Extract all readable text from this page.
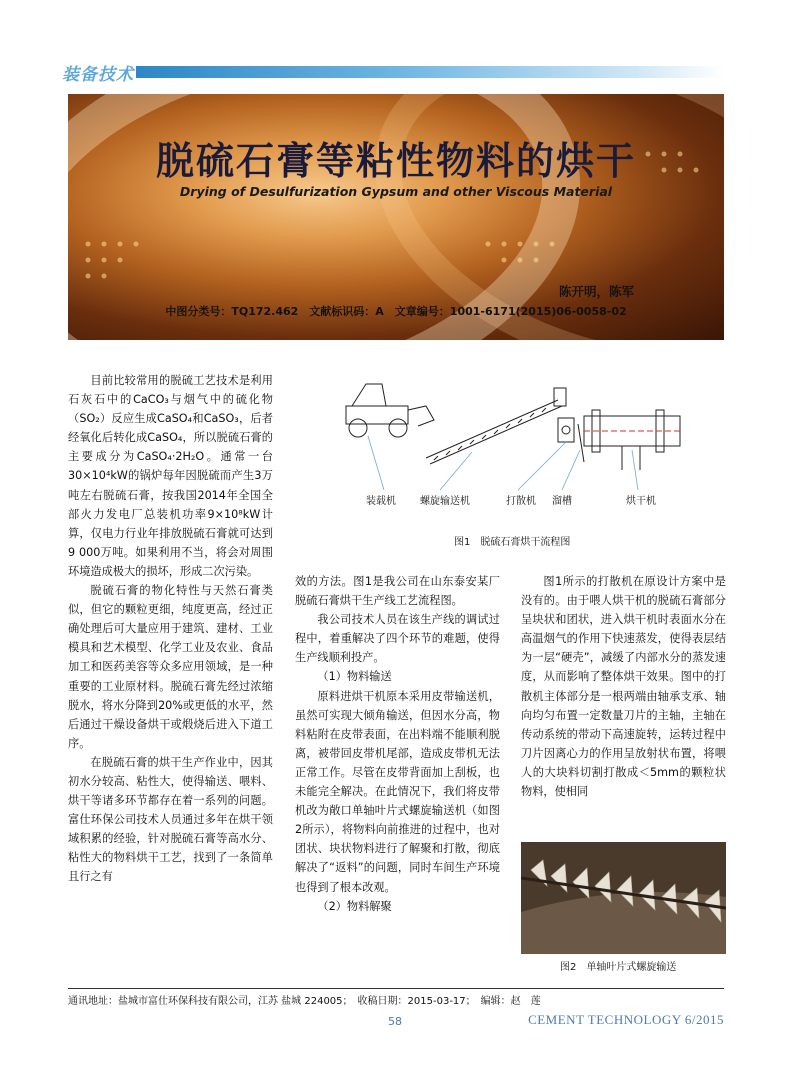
装备技术
脱硫石膏等粘性物料的烘干
Drying of Desulfurization Gypsum and other Viscous Material
陈开明，陈军
中图分类号：TQ172.462　文献标识码：A　文章编号：1001-6171(2015)06-0058-02

目前比较常用的脱硫工艺技术是利用石灰石中的CaCO₃与烟气中的硫化物（SO₂）反应生成CaSO₄和CaSO₃，后者经氧化后转化成CaSO₄，所以脱硫石膏的主要成分为CaSO₄·2H₂O。通常一台30×10⁴kW的锅炉每年因脱硫而产生3万吨左右脱硫石膏，按我国2014年全国全部火力发电厂总装机功率9×10⁸kW计算，仅电力行业年排放脱硫石膏就可达到9 000万吨。如果利用不当，将会对周围环境造成极大的损坏，形成二次污染。

脱硫石膏的物化特性与天然石膏类似，但它的颗粒更细，纯度更高，经过正确处理后可大量应用于建筑、建材、工业模具和艺术模型、化学工业及农业、食品加工和医药美容等众多应用领域，是一种重要的工业原材料。脱硫石膏先经过浓缩脱水，将水分降到20%或更低的水平，然后通过干燥设备烘干或煅烧后进入下道工序。

在脱硫石膏的烘干生产作业中，因其初水分较高、粘性大，使得输送、喂料、烘干等诸多环节都存在着一系列的问题。富仕环保公司技术人员通过多年在烘干领域积累的经验，针对脱硫石膏等高水分、粘性大的物料烘干工艺，找到了一条简单且行之有

装载机 螺旋输送机	打散机 溜槽	烘干机
图1　脱硫石膏烘干流程图

效的方法。图1是我公司在山东泰安某厂脱硫石膏烘干生产线工艺流程图。

我公司技术人员在该生产线的调试过程中，着重解决了四个环节的难题，使得生产线顺利投产。

（1）物料输送

原料进烘干机原本采用皮带输送机，虽然可实现大倾角输送，但因水分高，物料粘附在皮带表面，在出料端不能顺利脱离，被带回皮带机尾部，造成皮带机无法正常工作。尽管在皮带背面加上刮板，也未能完全解决。在此情况下，我们将皮带机改为敞口单轴叶片式螺旋输送机（如图2所示），将物料向前推进的过程中，也对团状、块状物料进行了解聚和打散，彻底解决了“返料”的问题，同时车间生产环境也得到了根本改观。

（2）物料解聚

图1所示的打散机在原设计方案中是没有的。由于喂人烘干机的脱硫石膏部分呈块状和团状，进入烘干机时表面水分在高温烟气的作用下快速蒸发，使得表层结为一层“硬壳”，减缓了内部水分的蒸发速度，从而影响了整体烘干效果。图中的打散机主体部分是一根两端由轴承支承、轴向均匀布置一定数量刀片的主轴，主轴在传动系统的带动下高速旋转，运转过程中刀片因离心力的作用呈放射状布置，将喂人的大块料切割打散成＜5mm的颗粒状物料，使相同

图2　单轴叶片式螺旋输送
通讯地址：盐城市富仕环保科技有限公司，江苏 盐城 224005；　收稿日期：2015-03-17；　编辑：赵　莲
58	CEMENT TECHNOLOGY 6/2015
